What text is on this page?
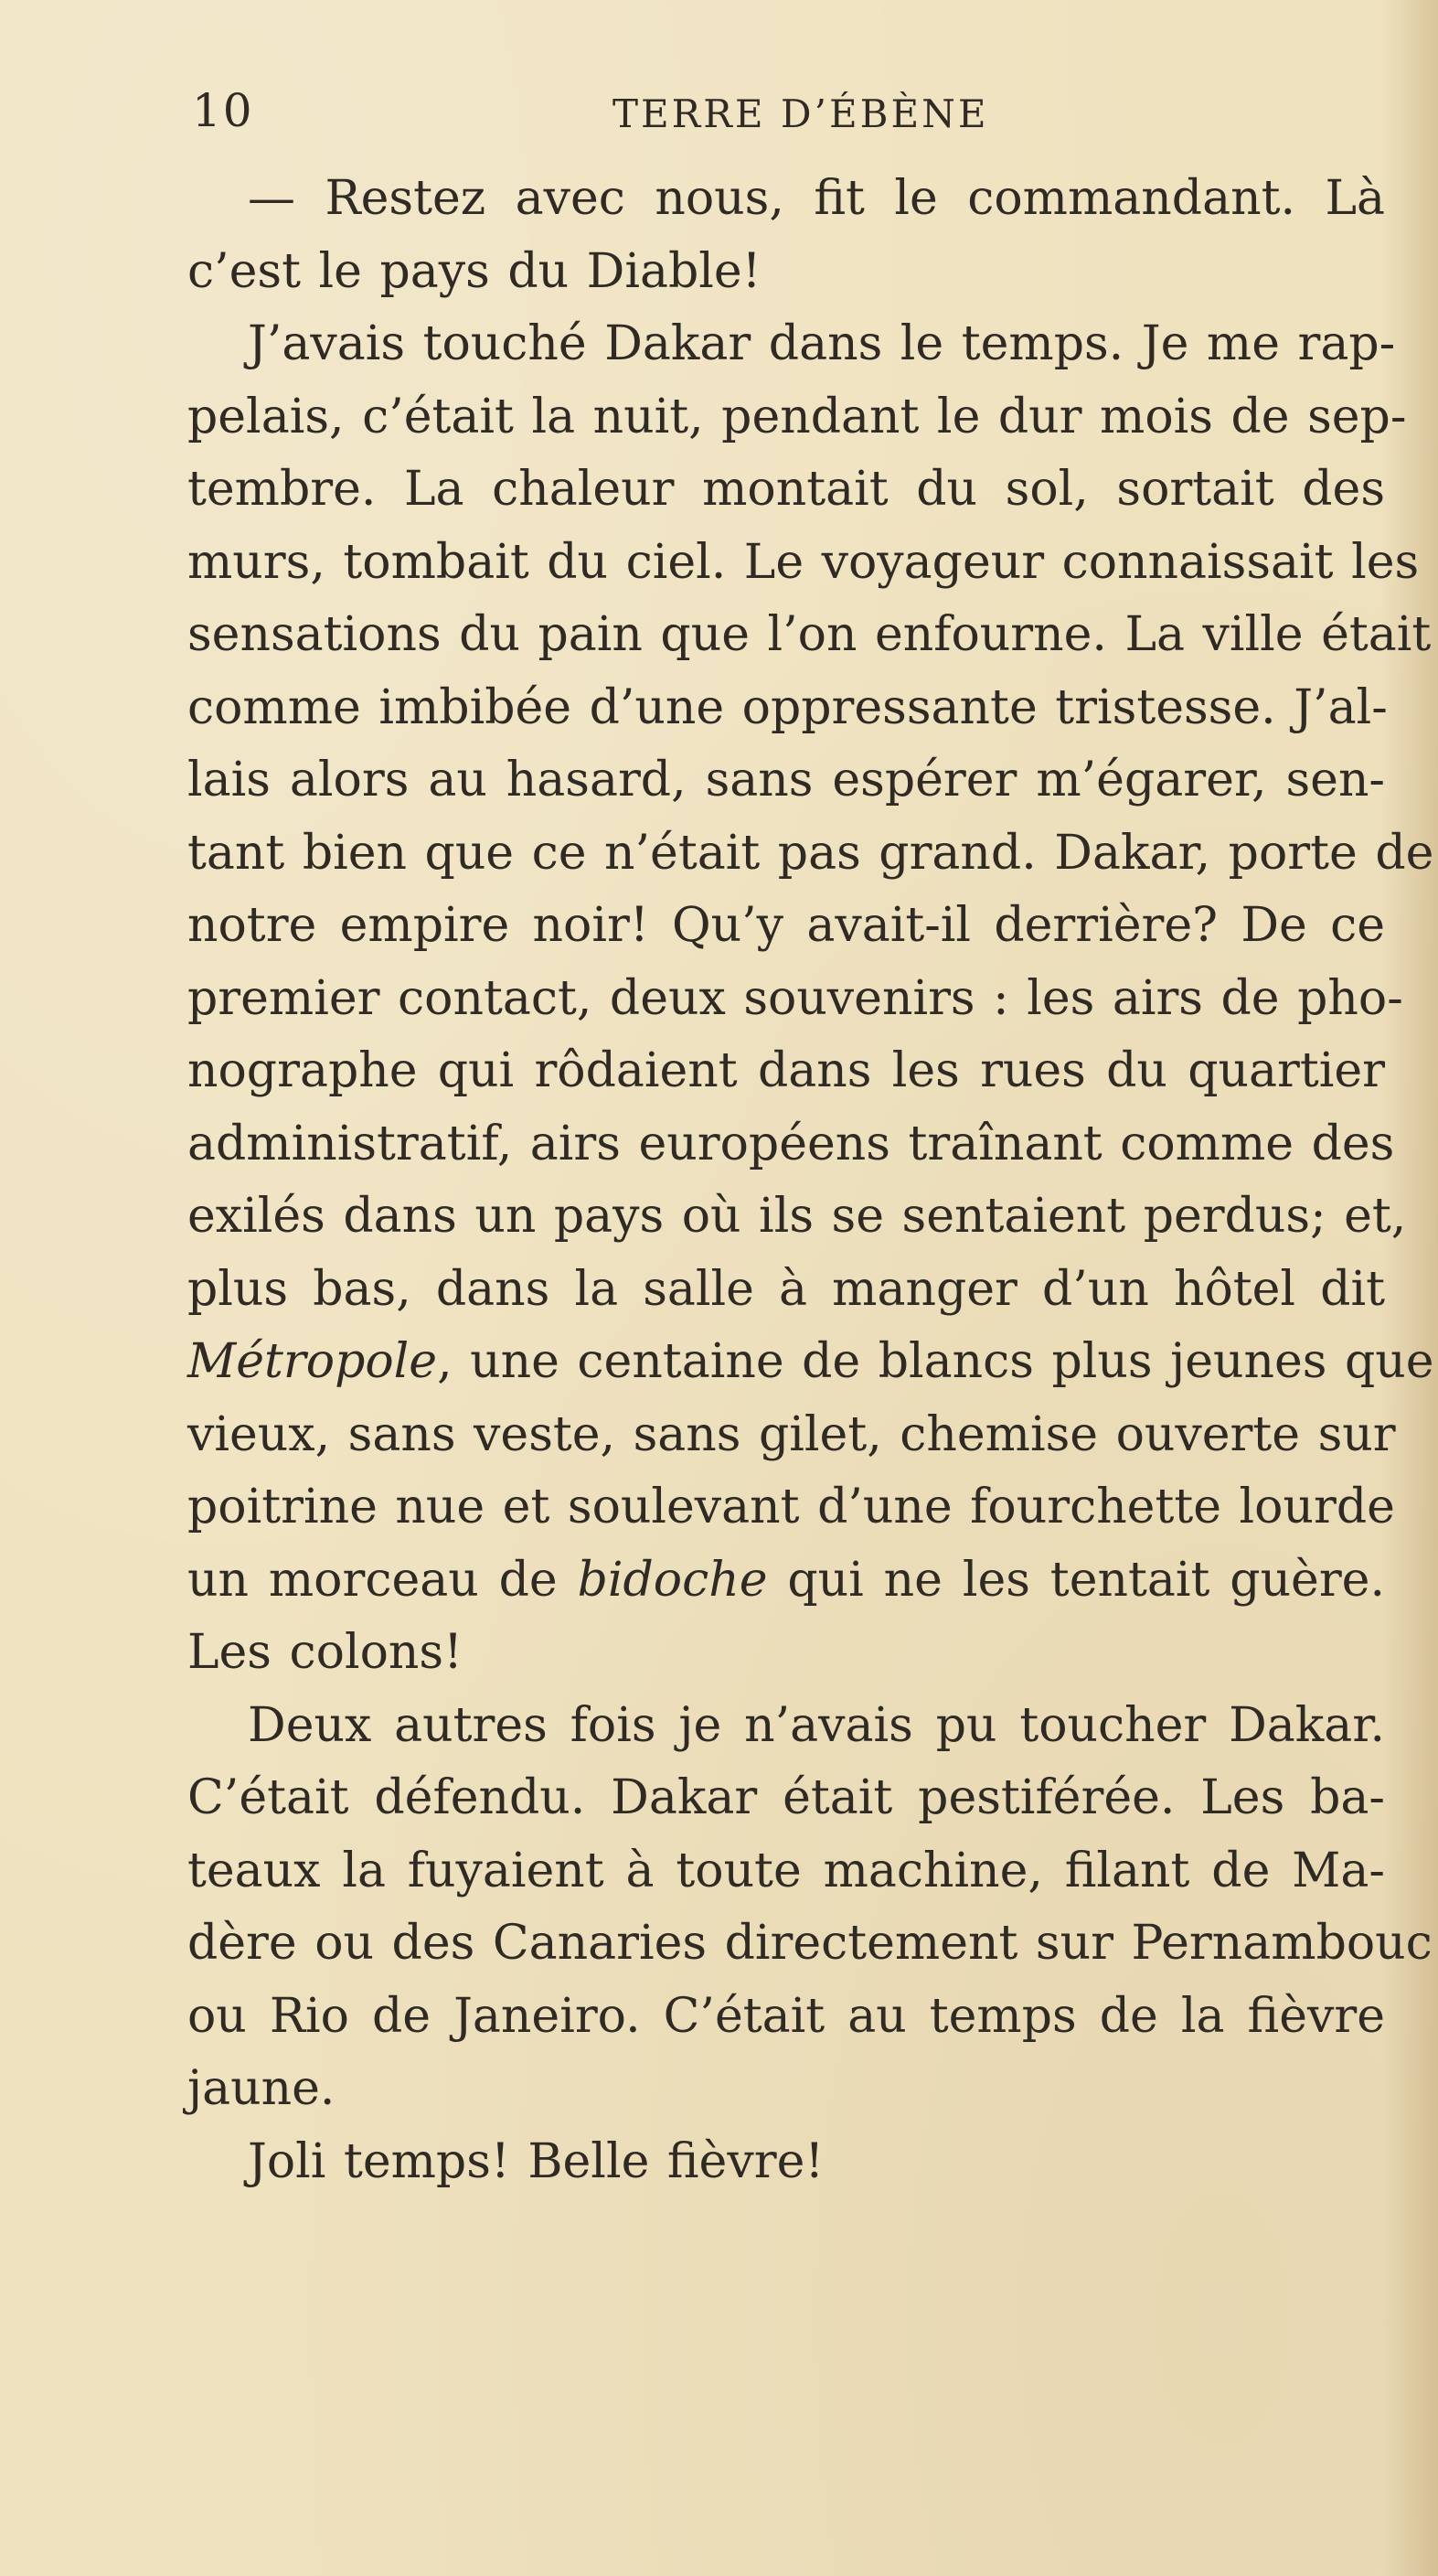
10	TERRE D’ÉBÈNE

— Restez avec nous, fit le commandant. Là
c’est le pays du Diable!

J’avais touché Dakar dans le temps. Je me rap-
pelais, c’était la nuit, pendant le dur mois de sep-
tembre. La chaleur montait du sol, sortait des
murs, tombait du ciel. Le voyageur connaissait les
sensations du pain que l’on enfourne. La ville était
comme imbibée d’une oppressante tristesse. J’al-
lais alors au hasard, sans espérer m’égarer, sen-
tant bien que ce n’était pas grand. Dakar, porte de
notre empire noir! Qu’y avait-il derrière? De ce
premier contact, deux souvenirs : les airs de pho-
nographe qui rôdaient dans les rues du quartier
administratif, airs européens traînant comme des
exilés dans un pays où ils se sentaient perdus; et,
plus bas, dans la salle à manger d’un hôtel dit
Métropole, une centaine de blancs plus jeunes que
vieux, sans veste, sans gilet, chemise ouverte sur
poitrine nue et soulevant d’une fourchette lourde
un morceau de bidoche qui ne les tentait guère.
Les colons!

Deux autres fois je n’avais pu toucher Dakar.
C’était défendu. Dakar était pestiférée. Les ba-
teaux la fuyaient à toute machine, filant de Ma-
dère ou des Canaries directement sur Pernambouc
ou Rio de Janeiro. C’était au temps de la fièvre
jaune.

Joli temps! Belle fièvre!
